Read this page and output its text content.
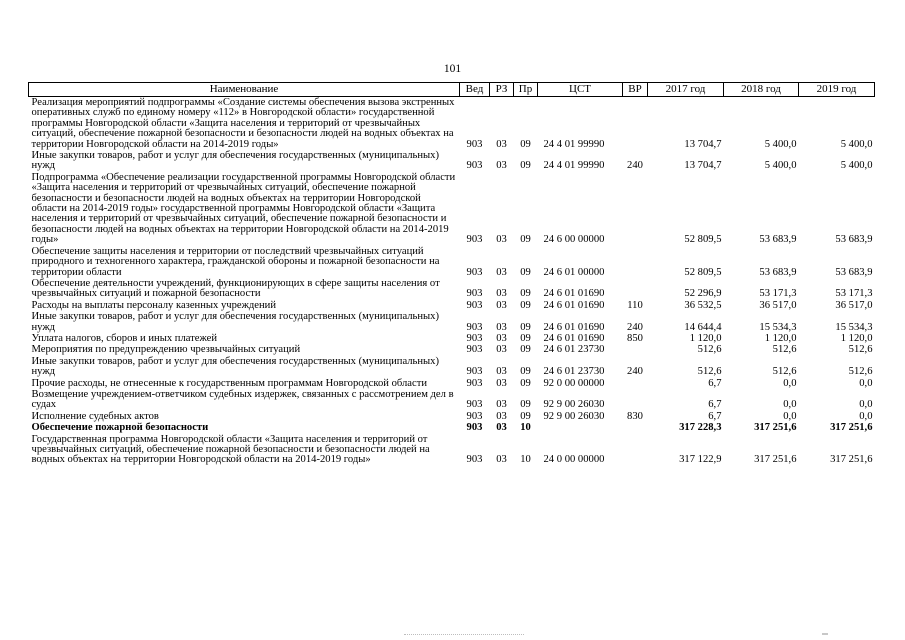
101
Наименование	Вед	РЗ	Пр	ЦСТ	ВР	2017 год	2018 год	2019 год
Реализация мероприятий подпрограммы «Создание системы обеспечения вызова экстренных оперативных служб по единому номеру «112» в Новгородской области» государственной программы Новгородской области «Защита населения и территорий от чрезвычайных ситуаций, обеспечение пожарной безопасности и безопасности людей на водных объектах на территории Новгородской области на 2014-2019 годы»	903	03	09	24 4 01 99990		13 704,7	5 400,0	5 400,0
Иные закупки товаров, работ и услуг для обеспечения государственных (муниципальных) нужд	903	03	09	24 4 01 99990	240	13 704,7	5 400,0	5 400,0
Подпрограмма «Обеспечение реализации государственной программы Новгородской области «Защита населения и территорий от чрезвычайных ситуаций, обеспечение пожарной безопасности и безопасности людей на водных объектах на территории Новгородской области на 2014-2019 годы» государственной программы Новгородской области «Защита населения и территорий от чрезвычайных ситуаций, обеспечение пожарной безопасности и безопасности людей на водных объектах на территории Новгородской области на 2014-2019 годы»	903	03	09	24 6 00 00000		52 809,5	53 683,9	53 683,9
Обеспечение защиты населения и территории от последствий чрезвычайных ситуаций природного и техногенного характера, гражданской обороны и пожарной безопасности на территории области	903	03	09	24 6 01 00000		52 809,5	53 683,9	53 683,9
Обеспечение деятельности учреждений, функционирующих в сфере защиты населения от чрезвычайных ситуаций и пожарной безопасности	903	03	09	24 6 01 01690		52 296,9	53 171,3	53 171,3
Расходы на выплаты персоналу казенных учреждений	903	03	09	24 6 01 01690	110	36 532,5	36 517,0	36 517,0
Иные закупки товаров, работ и услуг для обеспечения государственных (муниципальных) нужд	903	03	09	24 6 01 01690	240	14 644,4	15 534,3	15 534,3
Уплата налогов, сборов и иных платежей	903	03	09	24 6 01 01690	850	1 120,0	1 120,0	1 120,0
Мероприятия по предупреждению чрезвычайных ситуаций	903	03	09	24 6 01 23730		512,6	512,6	512,6
Иные закупки товаров, работ и услуг для обеспечения государственных (муниципальных) нужд	903	03	09	24 6 01 23730	240	512,6	512,6	512,6
Прочие расходы, не отнесенные к государственным программам Новгородской области	903	03	09	92 0 00 00000		6,7	0,0	0,0
Возмещение учреждением-ответчиком судебных издержек, связанных с рассмотрением дел в судах	903	03	09	92 9 00 26030		6,7	0,0	0,0
Исполнение судебных актов	903	03	09	92 9 00 26030	830	6,7	0,0	0,0
Обеспечение пожарной безопасности	903	03	10			317 228,3	317 251,6	317 251,6
Государственная программа Новгородской области «Защита населения и территорий от чрезвычайных ситуаций, обеспечение пожарной безопасности и безопасности людей на водных объектах на территории Новгородской области на 2014-2019 годы»	903	03	10	24 0 00 00000		317 122,9	317 251,6	317 251,6
